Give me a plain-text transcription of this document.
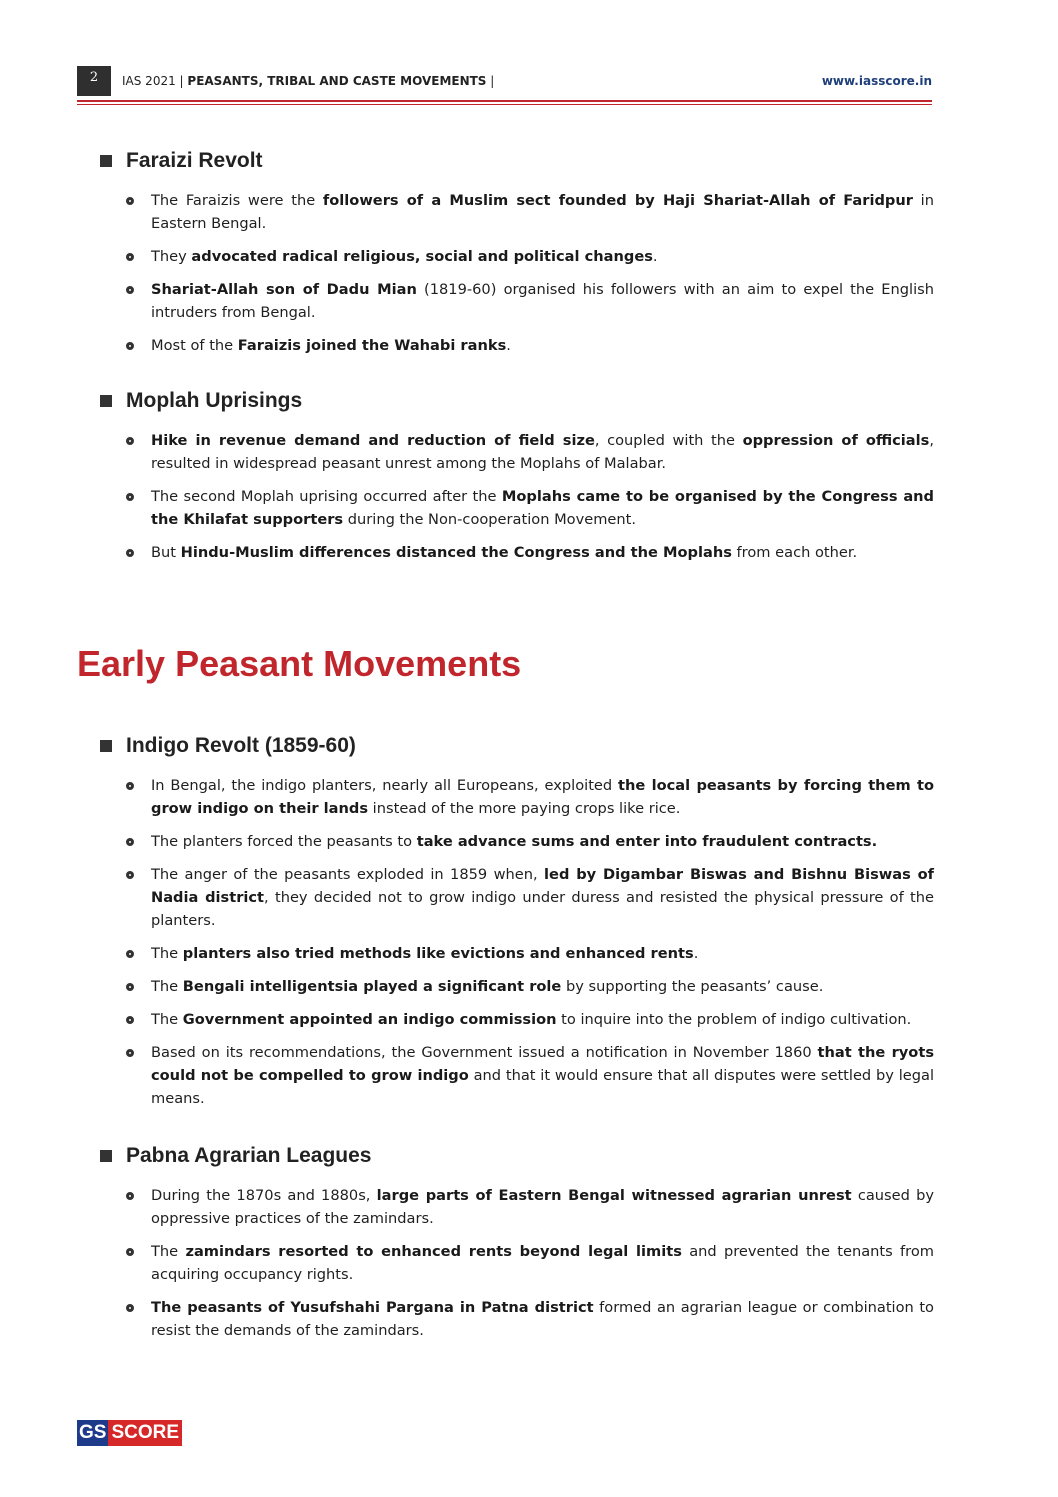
2	IAS 2021 | PEASANTS, TRIBAL AND CASTE MOVEMENTS |	www.iasscore.in
Faraizi Revolt
The Faraizis were the followers of a Muslim sect founded by Haji Shariat-Allah of Faridpur in Eastern Bengal.
They advocated radical religious, social and political changes.
Shariat-Allah son of Dadu Mian (1819-60) organised his followers with an aim to expel the English intruders from Bengal.
Most of the Faraizis joined the Wahabi ranks.
Moplah Uprisings
Hike in revenue demand and reduction of field size, coupled with the oppression of officials, resulted in widespread peasant unrest among the Moplahs of Malabar.
The second Moplah uprising occurred after the Moplahs came to be organised by the Congress and the Khilafat supporters during the Non-cooperation Movement.
But Hindu-Muslim differences distanced the Congress and the Moplahs from each other.
Early Peasant Movements
Indigo Revolt (1859-60)
In Bengal, the indigo planters, nearly all Europeans, exploited the local peasants by forcing them to grow indigo on their lands instead of the more paying crops like rice.
The planters forced the peasants to take advance sums and enter into fraudulent contracts.
The anger of the peasants exploded in 1859 when, led by Digambar Biswas and Bishnu Biswas of Nadia district, they decided not to grow indigo under duress and resisted the physical pressure of the planters.
The planters also tried methods like evictions and enhanced rents.
The Bengali intelligentsia played a significant role by supporting the peasants’ cause.
The Government appointed an indigo commission to inquire into the problem of indigo cultivation.
Based on its recommendations, the Government issued a notification in November 1860 that the ryots could not be compelled to grow indigo and that it would ensure that all disputes were settled by legal means.
Pabna Agrarian Leagues
During the 1870s and 1880s, large parts of Eastern Bengal witnessed agrarian unrest caused by oppressive practices of the zamindars.
The zamindars resorted to enhanced rents beyond legal limits and prevented the tenants from acquiring occupancy rights.
The peasants of Yusufshahi Pargana in Patna district formed an agrarian league or combination to resist the demands of the zamindars.
GS SCORE
